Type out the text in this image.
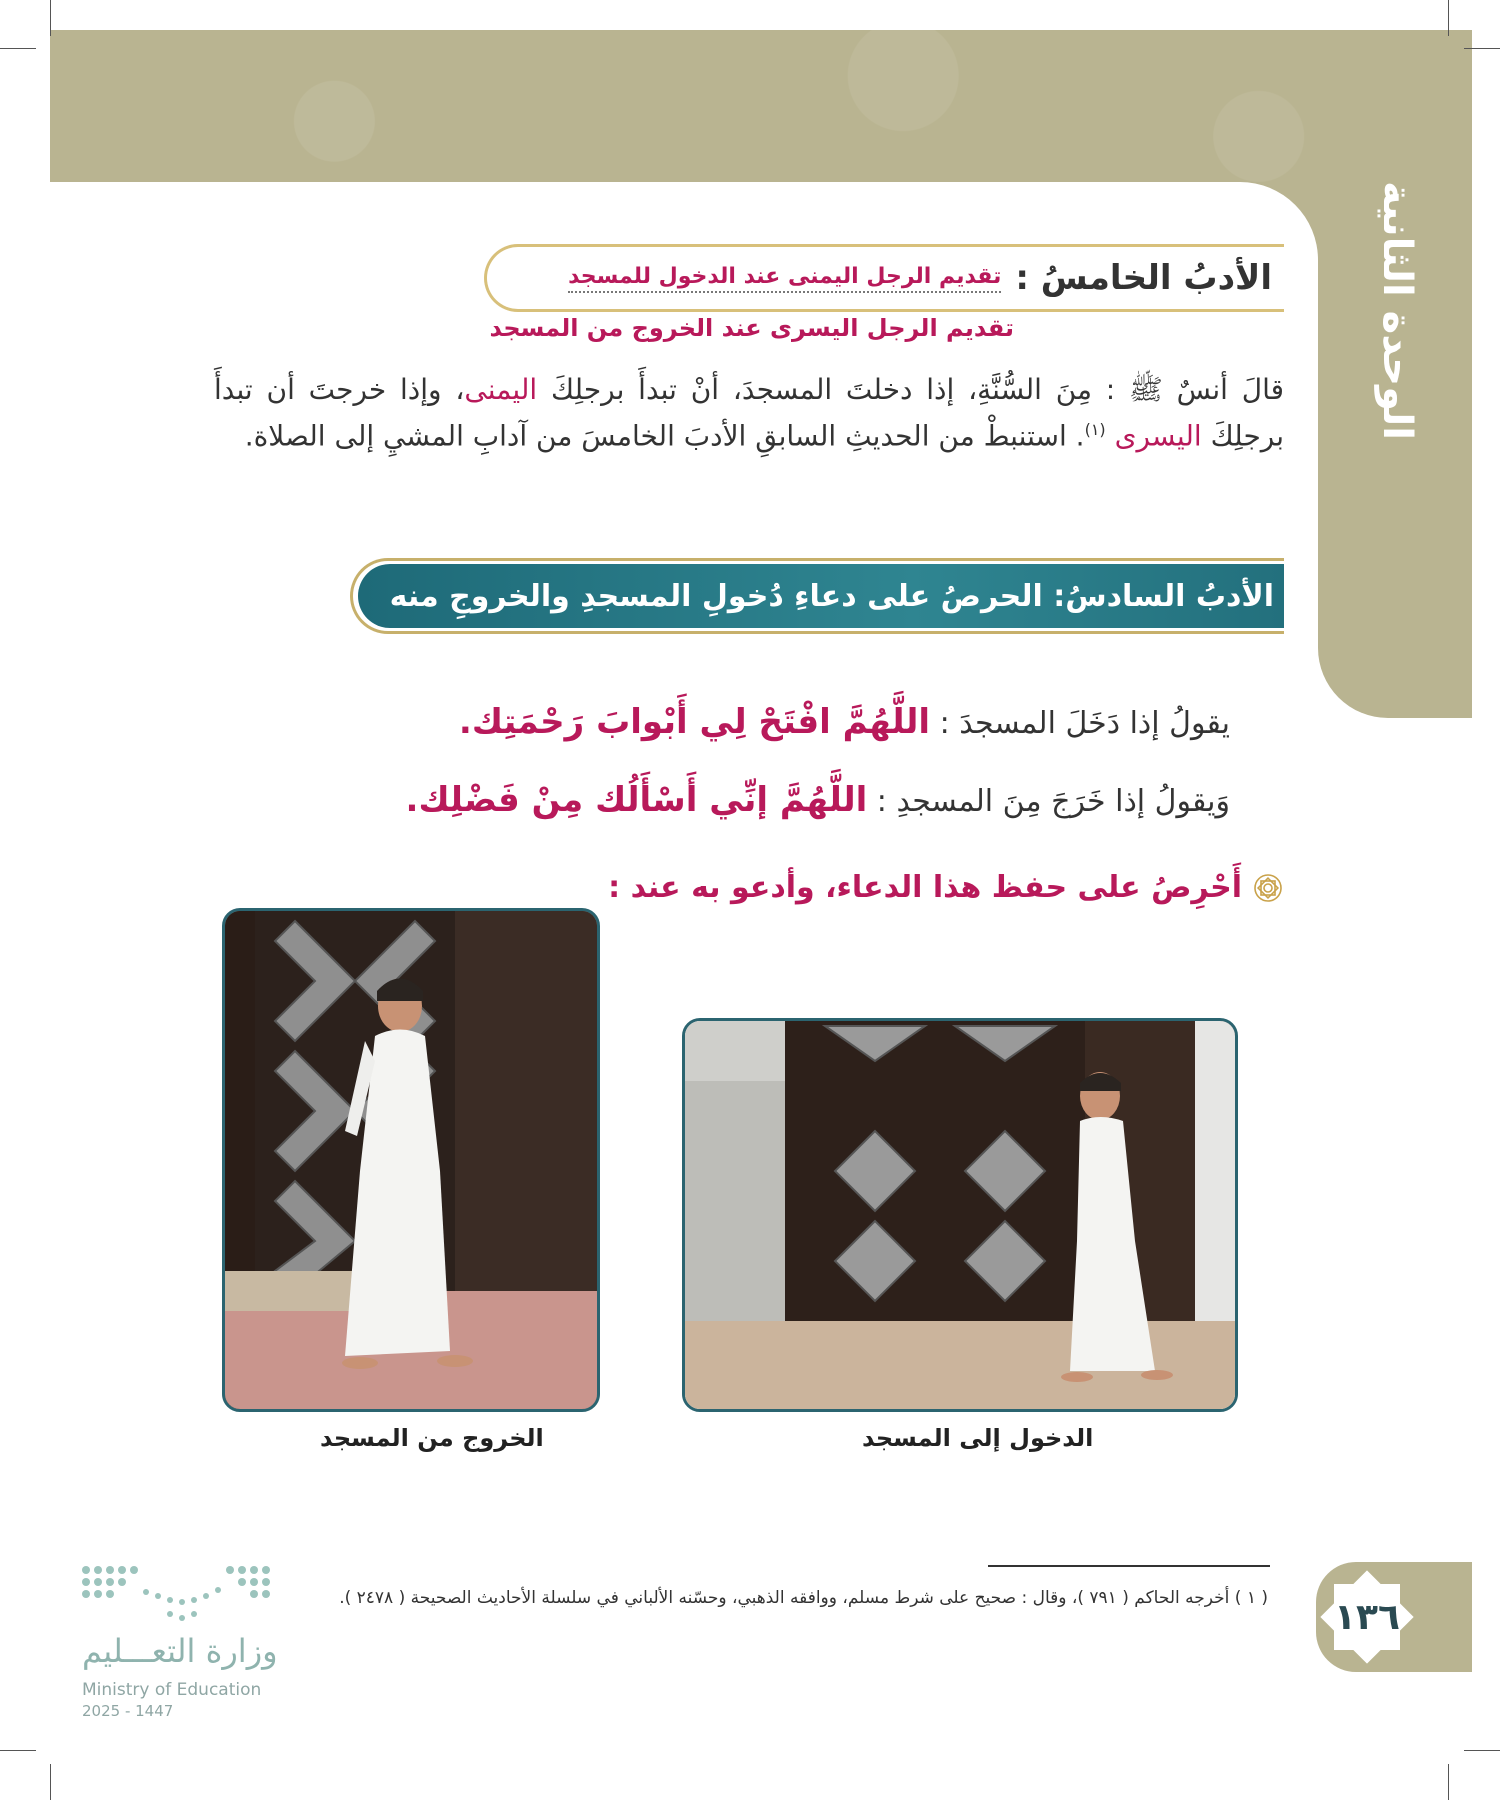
الوحدة الثانية
الأدبُ الخامسُ :
تقديم الرجل اليمنى عند الدخول للمسجد
تقديم الرجل اليسرى عند الخروج من المسجد
قالَ أنسٌ ﷺ : مِنَ السُّنَّةِ، إذا دخلتَ المسجدَ، أنْ تبدأَ برجلِكَ اليمنى، وإذا خرجتَ أن تبدأَ برجلِكَ اليسرى $^{(١)}$. استنبطْ من الحديثِ السابقِ الأدبَ الخامسَ من آدابِ المشيِ إلى الصلاة.
الأدبُ السادسُ: الحرصُ على دعاءِ دُخولِ المسجدِ والخروجِ منه
يقولُ إذا دَخَلَ المسجدَ : اللَّهُمَّ افْتَحْ لِي أَبْوابَ رَحْمَتِك.
وَيقولُ إذا خَرَجَ مِنَ المسجدِ : اللَّهُمَّ إنِّي أَسْأَلُك مِنْ فَضْلِك.
أَحْرِصُ على حفظ هذا الدعاء، وأدعو به عند :
الخروج من المسجد	الدخول إلى المسجد
( ١ ) أخرجه الحاكم ( ٧٩١ )، وقال : صحيح على شرط مسلم، ووافقه الذهبي، وحسّنه الألباني في سلسلة الأحاديث الصحيحة ( ٢٤٧٨ ).	١٣٦
وزارة التعـــليم
Ministry of Education
2025 - 1447
